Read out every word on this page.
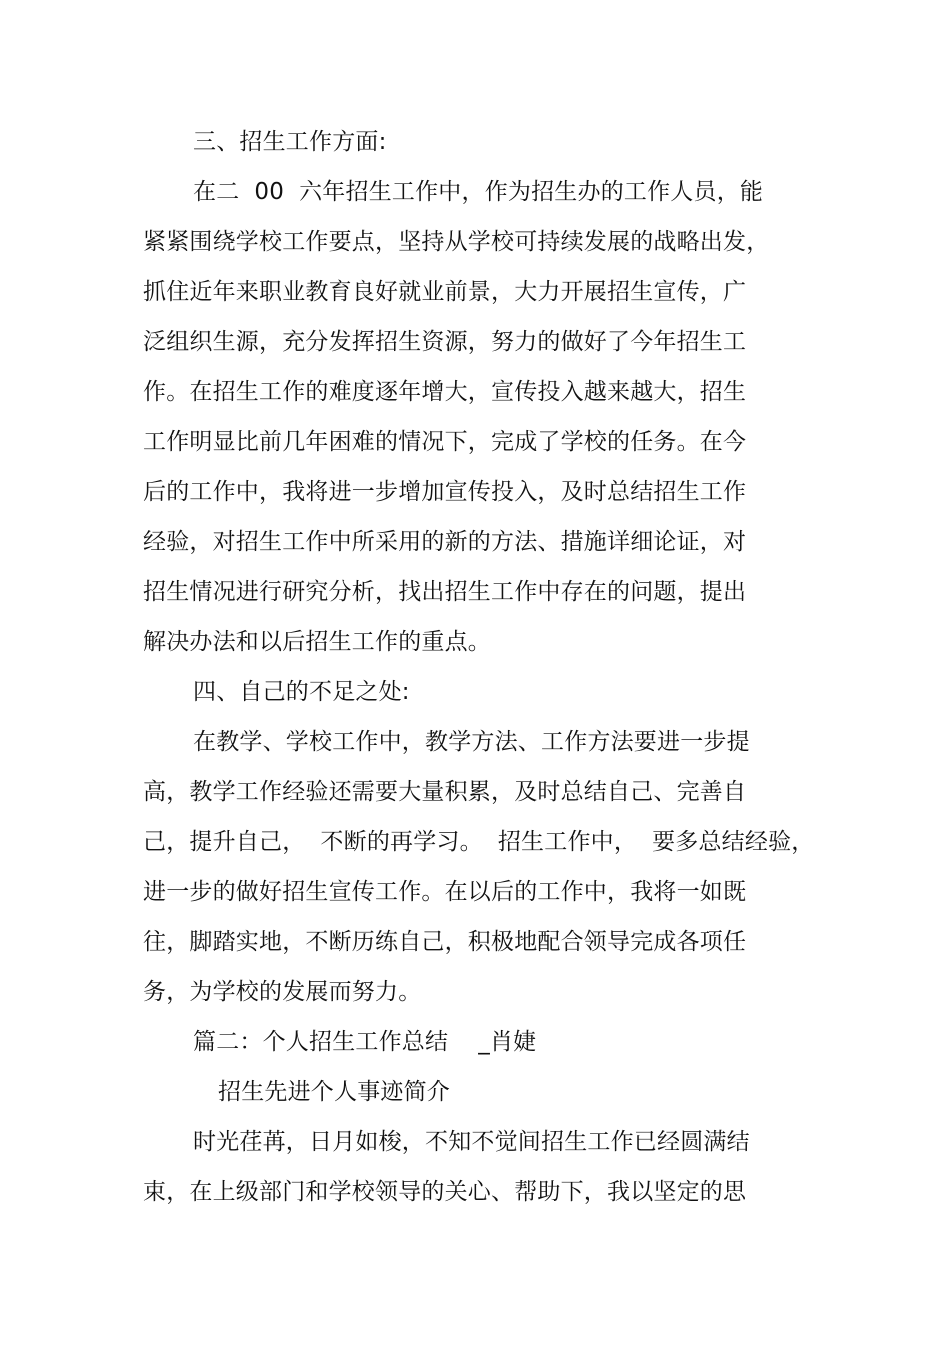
三、招生工作方面:
在二  00  六年招生工作中，作为招生办的工作人员，能
紧紧围绕学校工作要点，坚持从学校可持续发展的战略出发，
抓住近年来职业教育良好就业前景，大力开展招生宣传，广
泛组织生源，充分发挥招生资源，努力的做好了今年招生工
作。在招生工作的难度逐年增大，宣传投入越来越大，招生
工作明显比前几年困难的情况下，完成了学校的任务。在今
后的工作中，我将进一步增加宣传投入，及时总结招生工作
经验，对招生工作中所采用的新的方法、措施详细论证，对
招生情况进行研究分析，找出招生工作中存在的问题，提出
解决办法和以后招生工作的重点。
四、自己的不足之处:
在教学、学校工作中，教学方法、工作方法要进一步提
高，教学工作经验还需要大量积累，及时总结自己、完善自
己，提升自己，  不断的再学习。  招生工作中，  要多总结经验，
进一步的做好招生宣传工作。在以后的工作中，我将一如既
往，脚踏实地，不断历练自己，积极地配合领导完成各项任
务，为学校的发展而努力。
篇二：个人招生工作总结    _肖婕
招生先进个人事迹简介
时光荏苒，日月如梭，不知不觉间招生工作已经圆满结
束，在上级部门和学校领导的关心、帮助下，我以坚定的思
